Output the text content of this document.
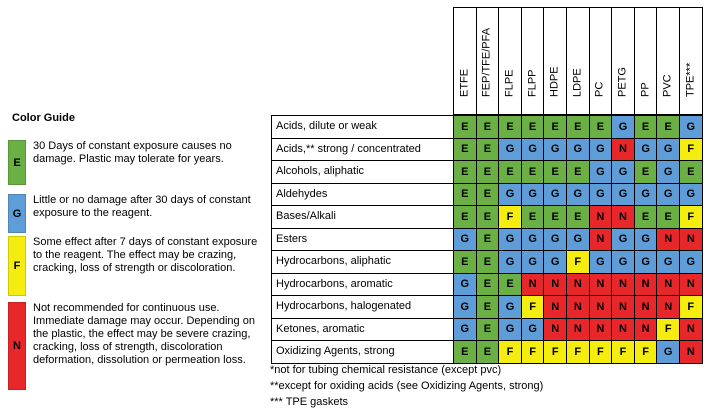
Color Guide
E
30 Days of constant exposure causes no damage. Plastic may tolerate for years.
G
Little or no damage after 30 days of constant exposure to the reagent.
F
Some effect after 7 days of constant exposure to the reagent. The effect may be crazing, cracking, loss of strength or discoloration.
N
Not recommended for continuous use. Immediate damage may occur. Depending on the plastic, the effect may be severe crazing, cracking, loss of strength, discoloration deformation, dissolution or permeation loss.
ETFE FEP/TFE/PFA FLPE FLPP HDPE LDPE PC PETG PP PVC TPE***
Acids, dilute or weak	E	E	E	E	E	E	E	G	E	E	G
Acids,** strong / concentrated	E	E	G	G	G	G	G	N	G	G	F
Alcohols, aliphatic	E	E	E	E	E	E	G	G	E	G	E
Aldehydes	E	E	G	G	G	G	G	G	G	G	G
Bases/Alkali	E	E	F	E	E	E	N	N	E	E	F
Esters	G	E	G	G	G	G	N	G	G	N	N
Hydrocarbons, aliphatic	E	E	G	G	G	F	G	G	G	G	G
Hydrocarbons, aromatic	G	E	E	N	N	N	N	N	N	N	N
Hydrocarbons, halogenated	G	E	G	F	N	N	N	N	N	N	F
Ketones, aromatic	G	E	G	G	N	N	N	N	N	F	N
Oxidizing Agents, strong	E	E	F	F	F	F	F	F	F	G	N
*not for tubing chemical resistance (except pvc)
**except for oxiding acids (see Oxidizing Agents, strong)
*** TPE gaskets
